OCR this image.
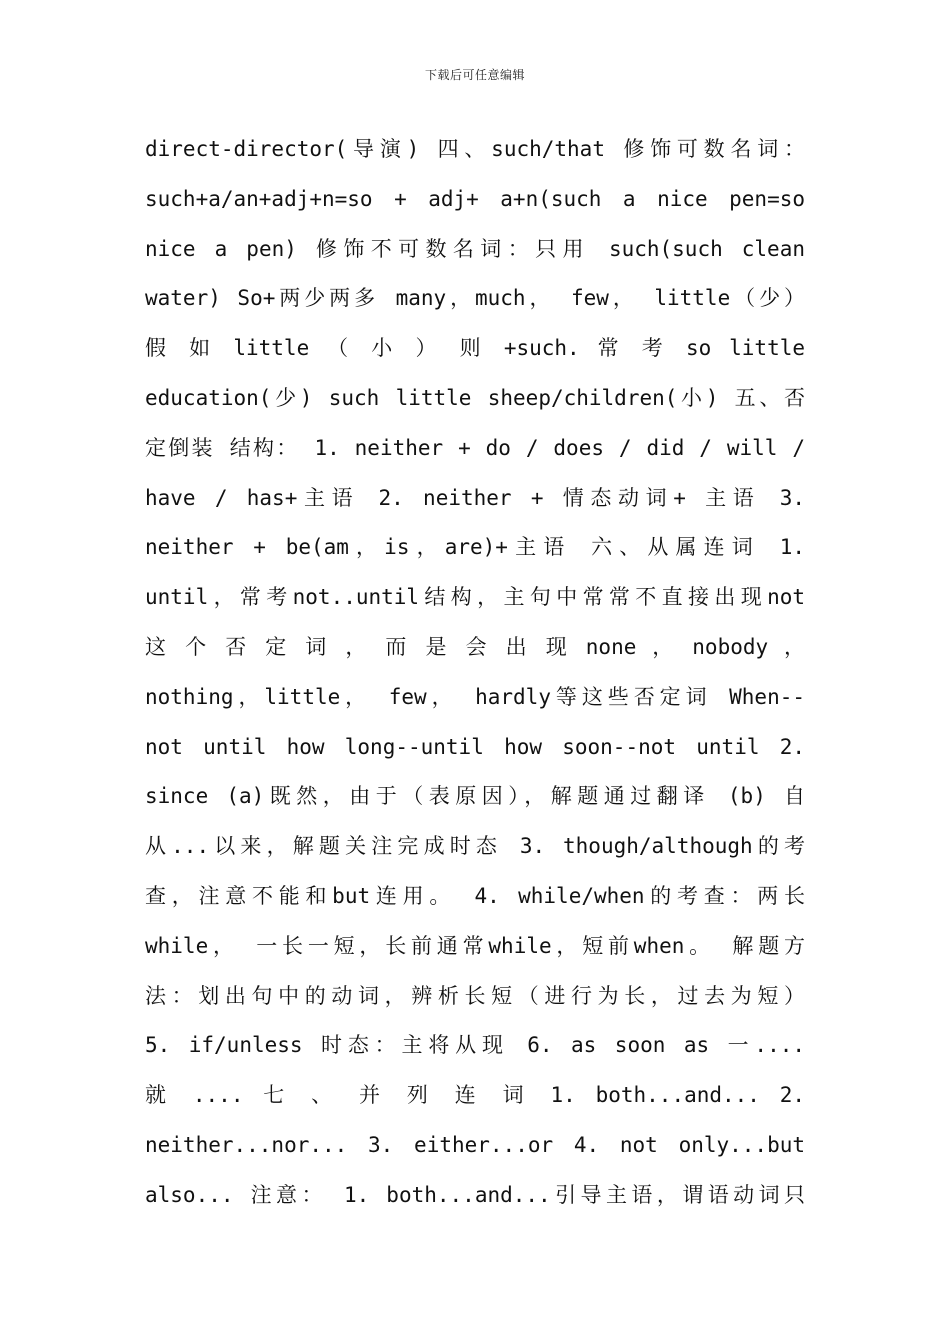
下载后可任意编辑
direct-director(导演) 四、such/that 修饰可数名词：
such+a/an+adj+n=so + adj+ a+n(such a nice pen=so
nice a pen) 修饰不可数名词：只用 such(such clean
water) So+两少两多 many，much， few， little（少）
假 如 little （ 小 ） 则 +such. 常 考 so little
education(少) such little sheep/children(小) 五、否
定倒装 结构： 1. neither + do / does / did / will /
have / has+主语 2. neither + 情态动词+ 主语 3.
neither + be(am，is，are)+主语 六、从属连词 1.
until，常考not..until结构，主句中常常不直接出现not
这 个 否 定 词 ， 而 是 会 出 现 none ， nobody ，
nothing，little， few， hardly等这些否定词 When--
not until how long--until how soon--not until 2.
since (a)既然，由于（表原因），解题通过翻译 (b) 自
从...以来，解题关注完成时态 3. though/although的考
查，注意不能和but连用。 4. while/when的考查：两长
while， 一长一短，长前通常while，短前when。 解题方
法：划出句中的动词，辨析长短（进行为长，过去为短）
5. if/unless 时态：主将从现 6. as soon as 一....
就 .... 七 、 并 列 连 词 1. both...and... 2.
neither...nor... 3. either...or 4. not only...but
also... 注意： 1. both...and...引导主语，谓语动词只
